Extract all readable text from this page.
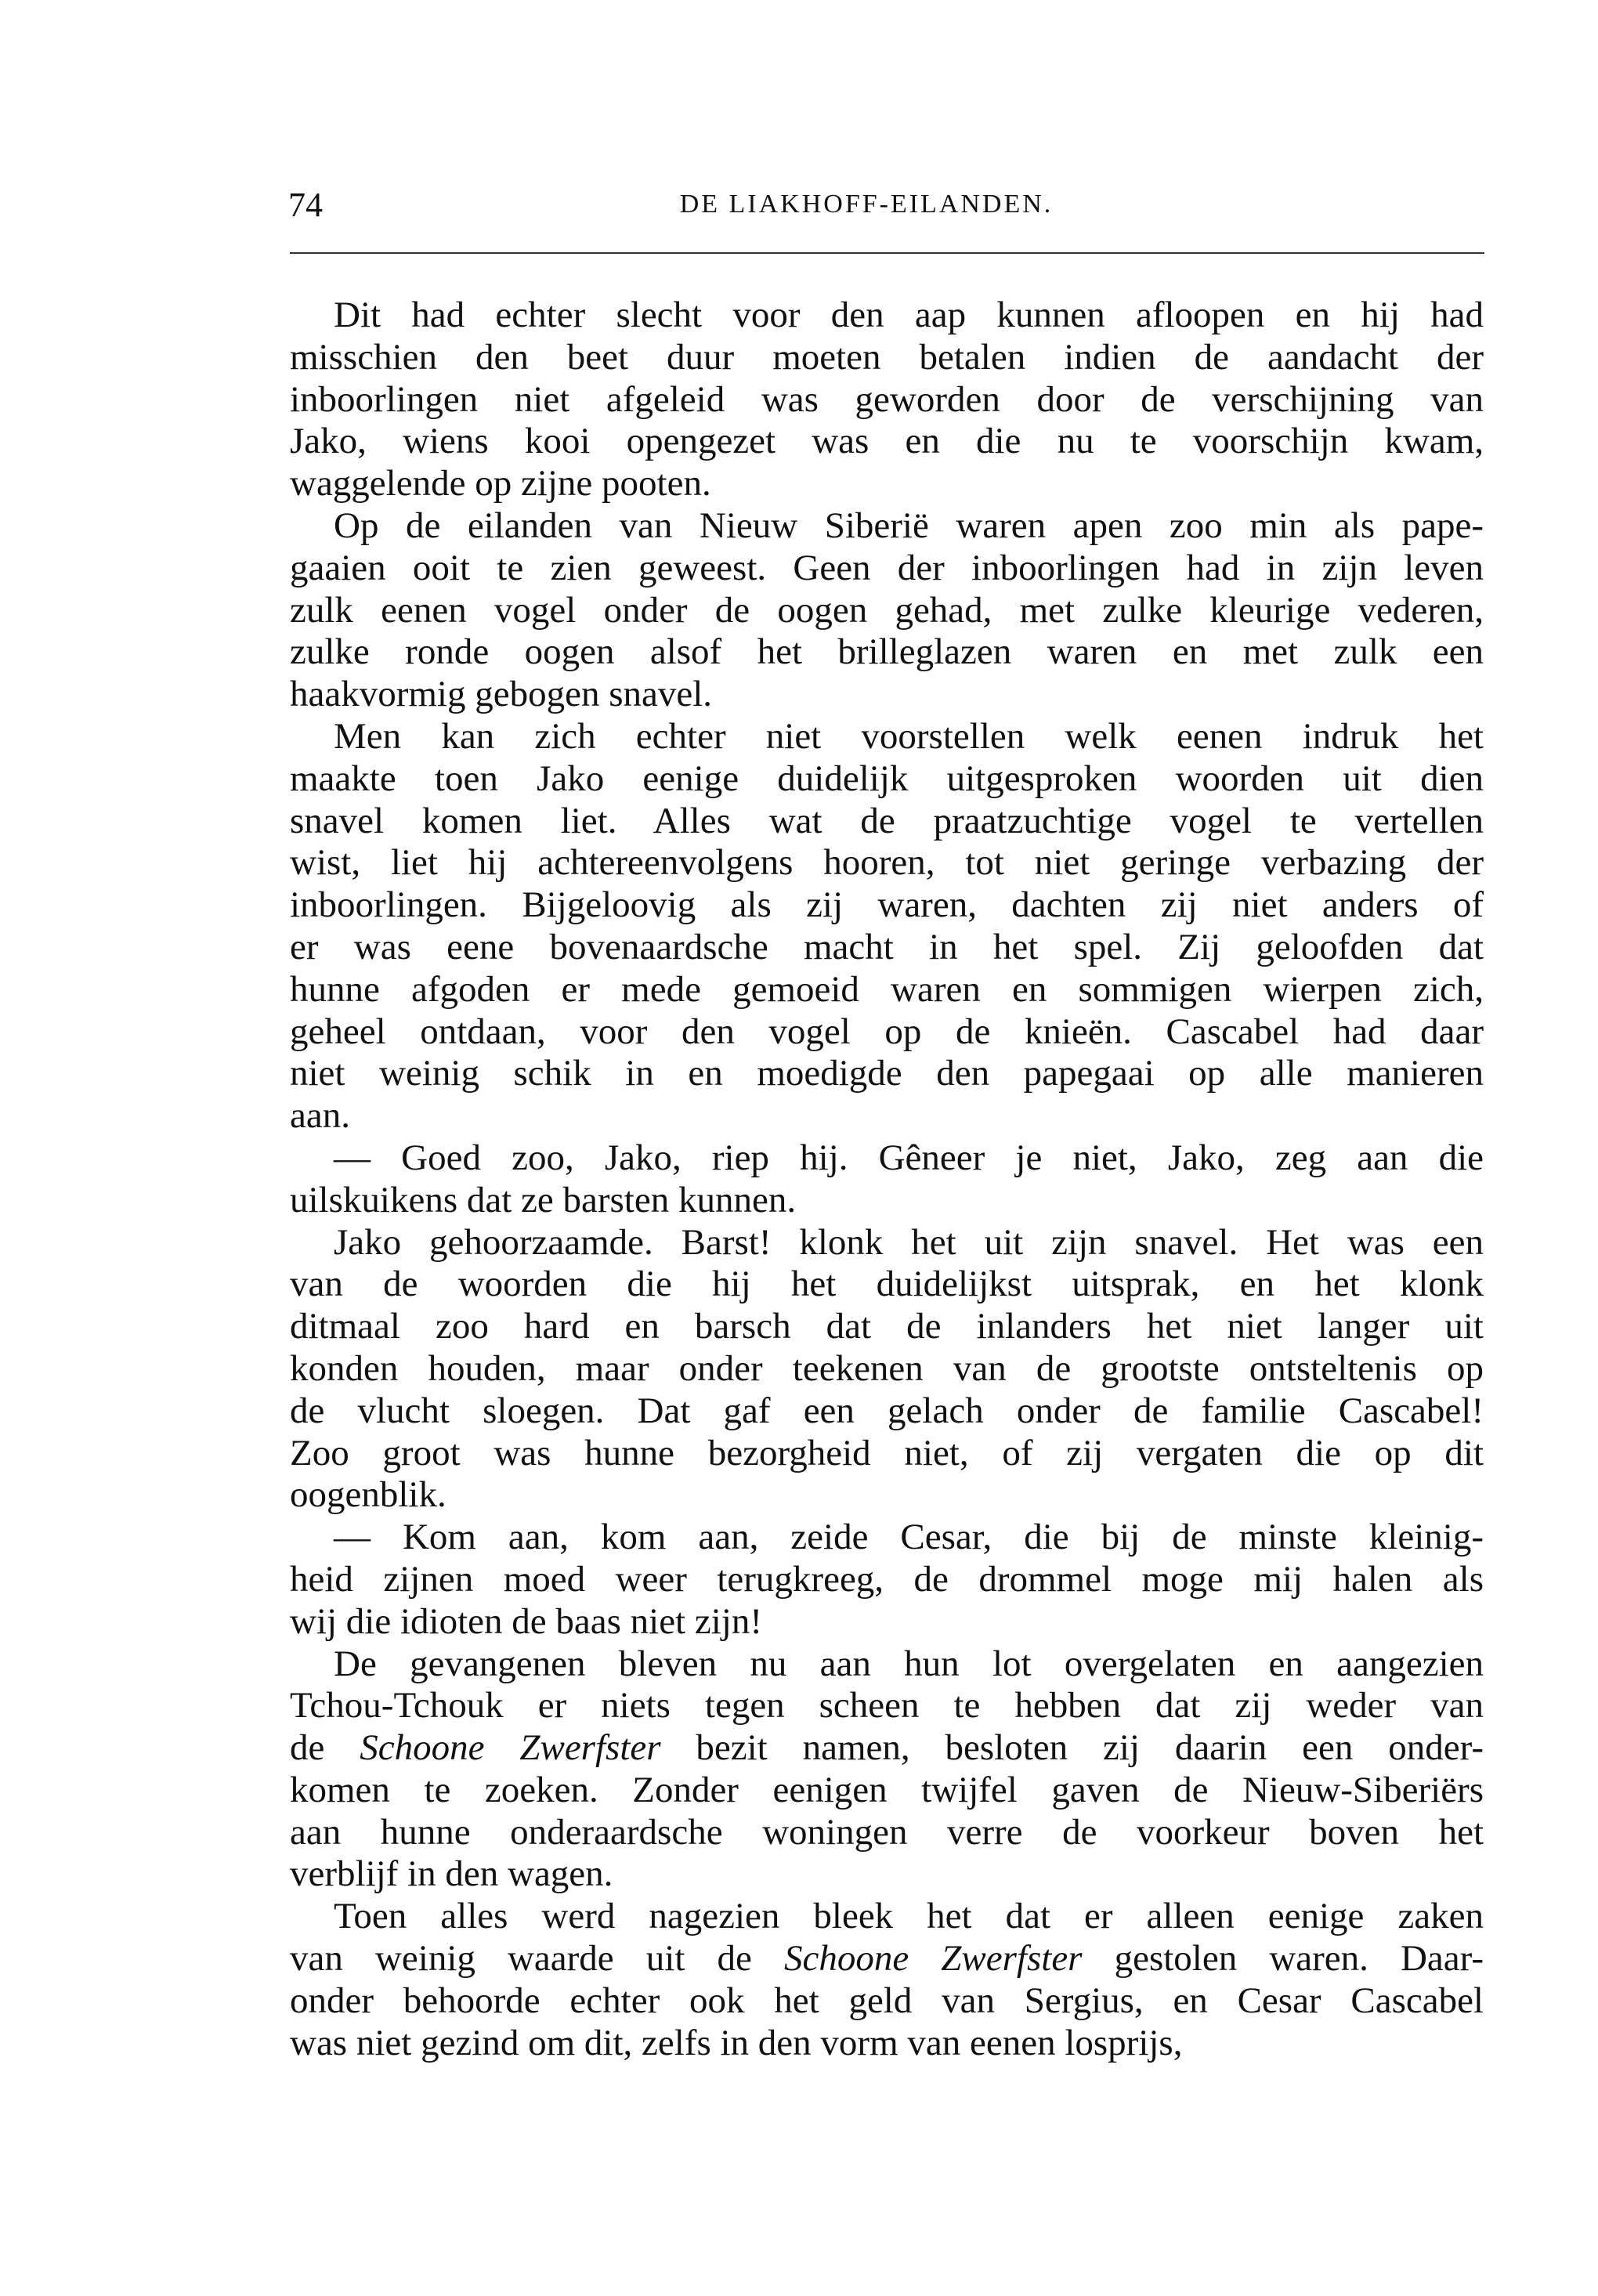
74	DE LIAKHOFF-EILANDEN.
Dit had echter slecht voor den aap kunnen afloopen en hij had
misschien den beet duur moeten betalen indien de aandacht der
inboorlingen niet afgeleid was geworden door de verschijning van
Jako, wiens kooi opengezet was en die nu te voorschijn kwam,
waggelende op zijne pooten.
Op de eilanden van Nieuw Siberië waren apen zoo min als pape-
gaaien ooit te zien geweest. Geen der inboorlingen had in zijn leven
zulk eenen vogel onder de oogen gehad, met zulke kleurige vederen,
zulke ronde oogen alsof het brilleglazen waren en met zulk een
haakvormig gebogen snavel.
Men kan zich echter niet voorstellen welk eenen indruk het
maakte toen Jako eenige duidelijk uitgesproken woorden uit dien
snavel komen liet. Alles wat de praatzuchtige vogel te vertellen
wist, liet hij achtereenvolgens hooren, tot niet geringe verbazing der
inboorlingen. Bijgeloovig als zij waren, dachten zij niet anders of
er was eene bovenaardsche macht in het spel. Zij geloofden dat
hunne afgoden er mede gemoeid waren en sommigen wierpen zich,
geheel ontdaan, voor den vogel op de knieën. Cascabel had daar
niet weinig schik in en moedigde den papegaai op alle manieren
aan.
— Goed zoo, Jako, riep hij. Gêneer je niet, Jako, zeg aan die
uilskuikens dat ze barsten kunnen.
Jako gehoorzaamde. Barst! klonk het uit zijn snavel. Het was een
van de woorden die hij het duidelijkst uitsprak, en het klonk
ditmaal zoo hard en barsch dat de inlanders het niet langer uit
konden houden, maar onder teekenen van de grootste ontsteltenis op
de vlucht sloegen. Dat gaf een gelach onder de familie Cascabel!
Zoo groot was hunne bezorgheid niet, of zij vergaten die op dit
oogenblik.
— Kom aan, kom aan, zeide Cesar, die bij de minste kleinig-
heid zijnen moed weer terugkreeg, de drommel moge mij halen als
wij die idioten de baas niet zijn!
De gevangenen bleven nu aan hun lot overgelaten en aangezien
Tchou-Tchouk er niets tegen scheen te hebben dat zij weder van
de Schoone Zwerfster bezit namen, besloten zij daarin een onder-
komen te zoeken. Zonder eenigen twijfel gaven de Nieuw-Siberiërs
aan hunne onderaardsche woningen verre de voorkeur boven het
verblijf in den wagen.
Toen alles werd nagezien bleek het dat er alleen eenige zaken
van weinig waarde uit de Schoone Zwerfster gestolen waren. Daar-
onder behoorde echter ook het geld van Sergius, en Cesar Cascabel
was niet gezind om dit, zelfs in den vorm van eenen losprijs,
